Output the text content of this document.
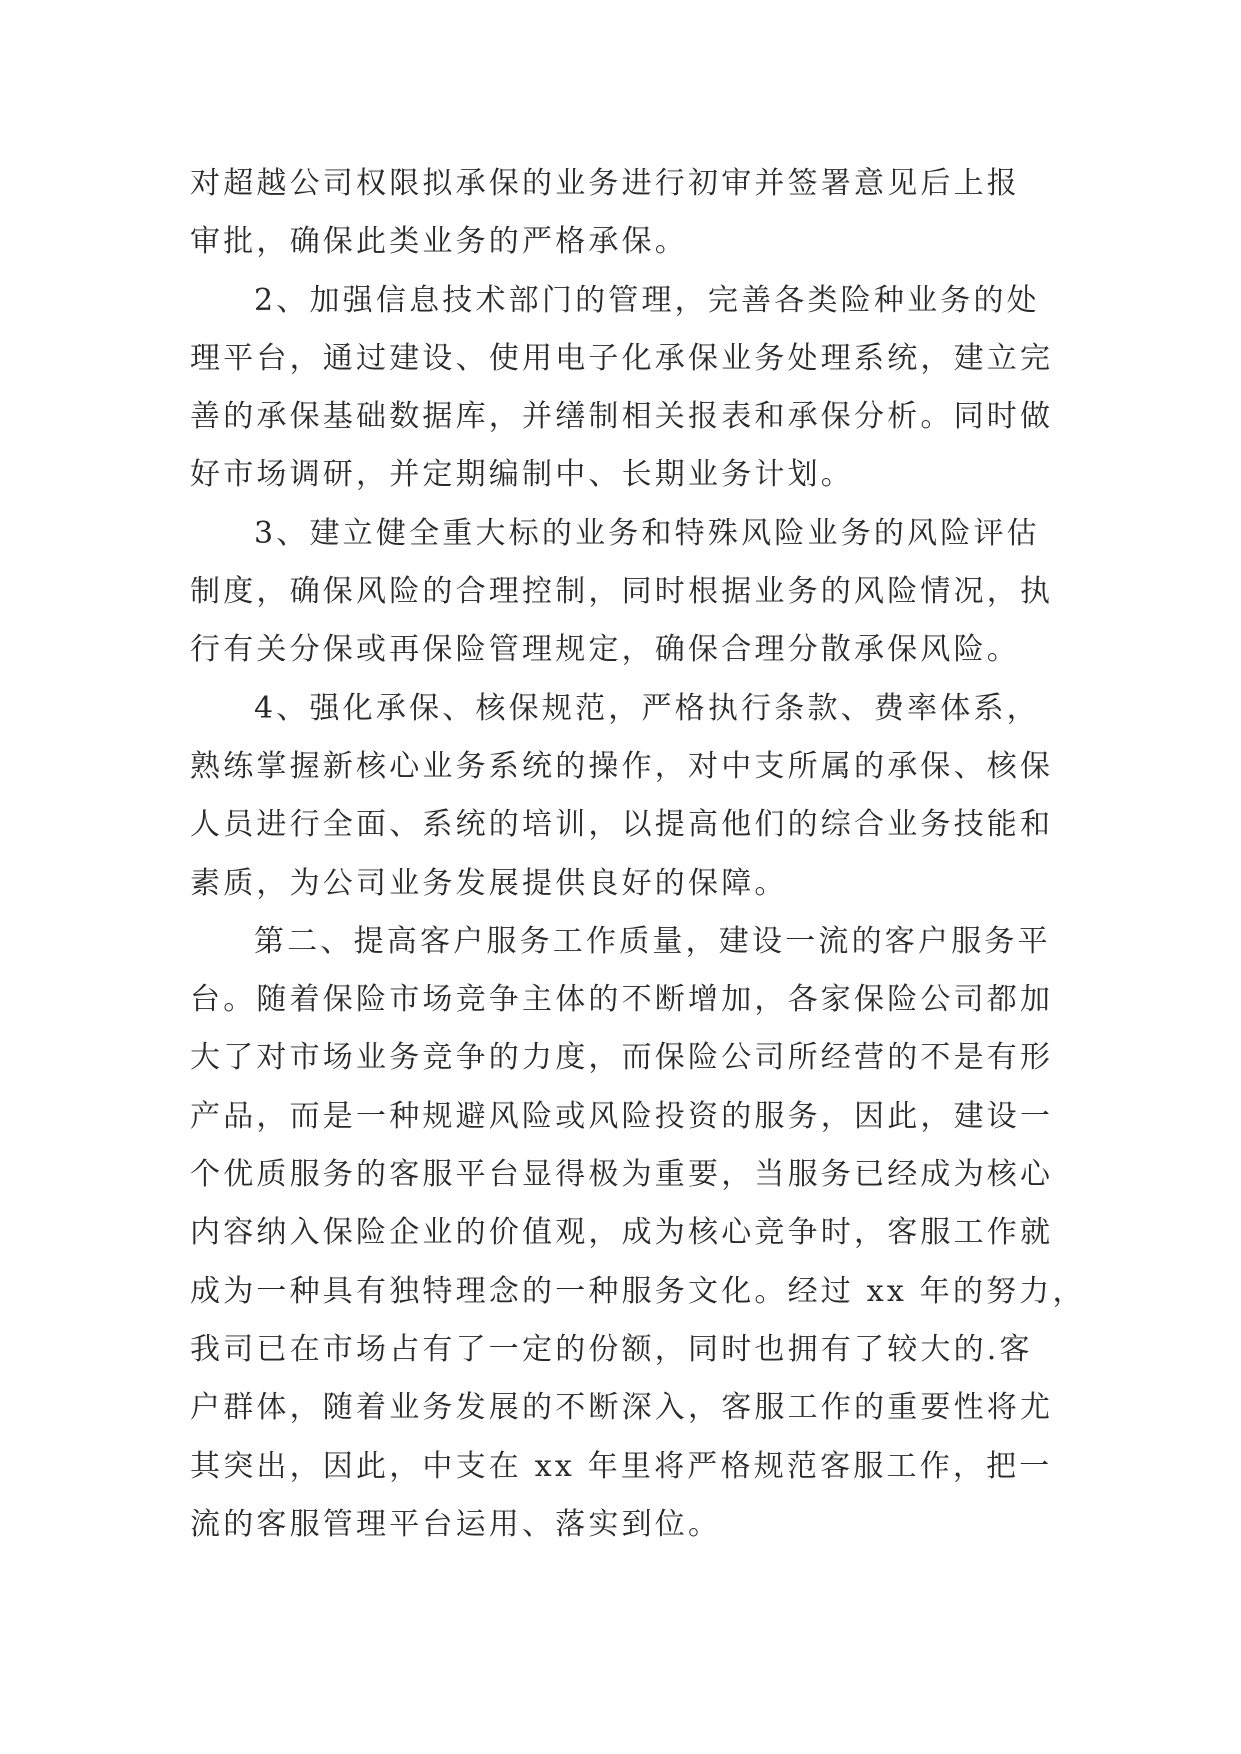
对超越公司权限拟承保的业务进行初审并签署意见后上报
审批，确保此类业务的严格承保。
2、加强信息技术部门的管理，完善各类险种业务的处
理平台，通过建设、使用电子化承保业务处理系统，建立完
善的承保基础数据库，并缮制相关报表和承保分析。同时做
好市场调研，并定期编制中、长期业务计划。
3、建立健全重大标的业务和特殊风险业务的风险评估
制度，确保风险的合理控制，同时根据业务的风险情况，执
行有关分保或再保险管理规定，确保合理分散承保风险。
4、强化承保、核保规范，严格执行条款、费率体系，
熟练掌握新核心业务系统的操作，对中支所属的承保、核保
人员进行全面、系统的培训，以提高他们的综合业务技能和
素质，为公司业务发展提供良好的保障。
第二、提高客户服务工作质量，建设一流的客户服务平
台。随着保险市场竞争主体的不断增加，各家保险公司都加
大了对市场业务竞争的力度，而保险公司所经营的不是有形
产品，而是一种规避风险或风险投资的服务，因此，建设一
个优质服务的客服平台显得极为重要，当服务已经成为核心
内容纳入保险企业的价值观，成为核心竞争时，客服工作就
成为一种具有独特理念的一种服务文化。经过 xx 年的努力，
我司已在市场占有了一定的份额，同时也拥有了较大的.客
户群体，随着业务发展的不断深入，客服工作的重要性将尤
其突出，因此，中支在 xx 年里将严格规范客服工作，把一
流的客服管理平台运用、落实到位。
